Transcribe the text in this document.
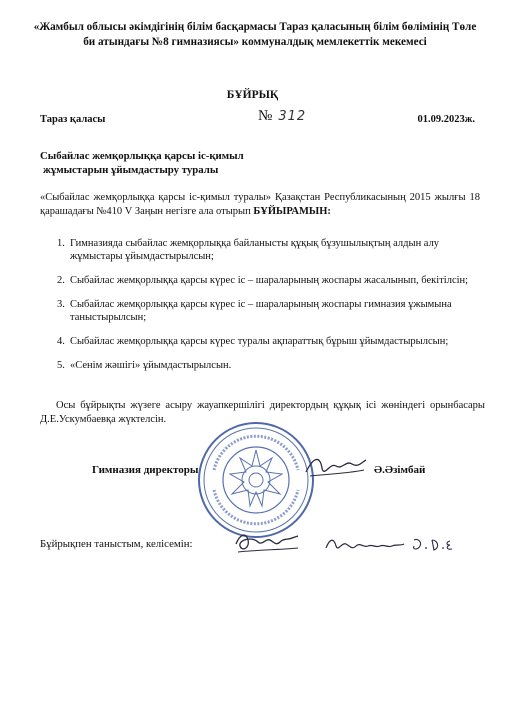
«Жамбыл облысы әкімдігінің білім басқармасы Тараз қаласының білім бөлімінің Төле би атындағы №8 гимназиясы» коммуналдық мемлекеттік мекемесі
БҰЙРЫҚ
Тараз қаласы	№ 312	01.09.2023ж.
Сыбайлас жемқорлыққа қарсы іс-қимыл
жұмыстарын ұйымдастыру туралы
«Сыбайлас жемқорлыққа қарсы іс-қимыл туралы» Қазақстан Республикасының 2015 жылғы 18 қарашадағы №410 V Заңын негізге ала отырып БҰЙЫРАМЫН:
1. Гимназияда сыбайлас жемқорлыққа байланысты құқық бұзушылықтың алдын алу жұмыстары ұйымдастырылсын;
2. Сыбайлас жемқорлыққа қарсы күрес іс – шараларының жоспары жасалынып, бекітілсін;
3. Сыбайлас жемқорлыққа қарсы күрес іс – шараларының жоспары гимназия ұжымына таныстырылсын;
4. Сыбайлас жемқорлыққа қарсы күрес туралы ақпараттық бұрыш ұйымдастырылсын;
5. «Сенім жәшігі» ұйымдастырылсын.
Осы бұйрықты жүзеге асыру жауапкершілігі директордың құқық ісі жөніндегі орынбасары Д.Е.Ускумбаевқа жүктелсін.
Гимназия директоры	Ә.Әзімбай
Бұйрықпен таныстым, келісемін:
